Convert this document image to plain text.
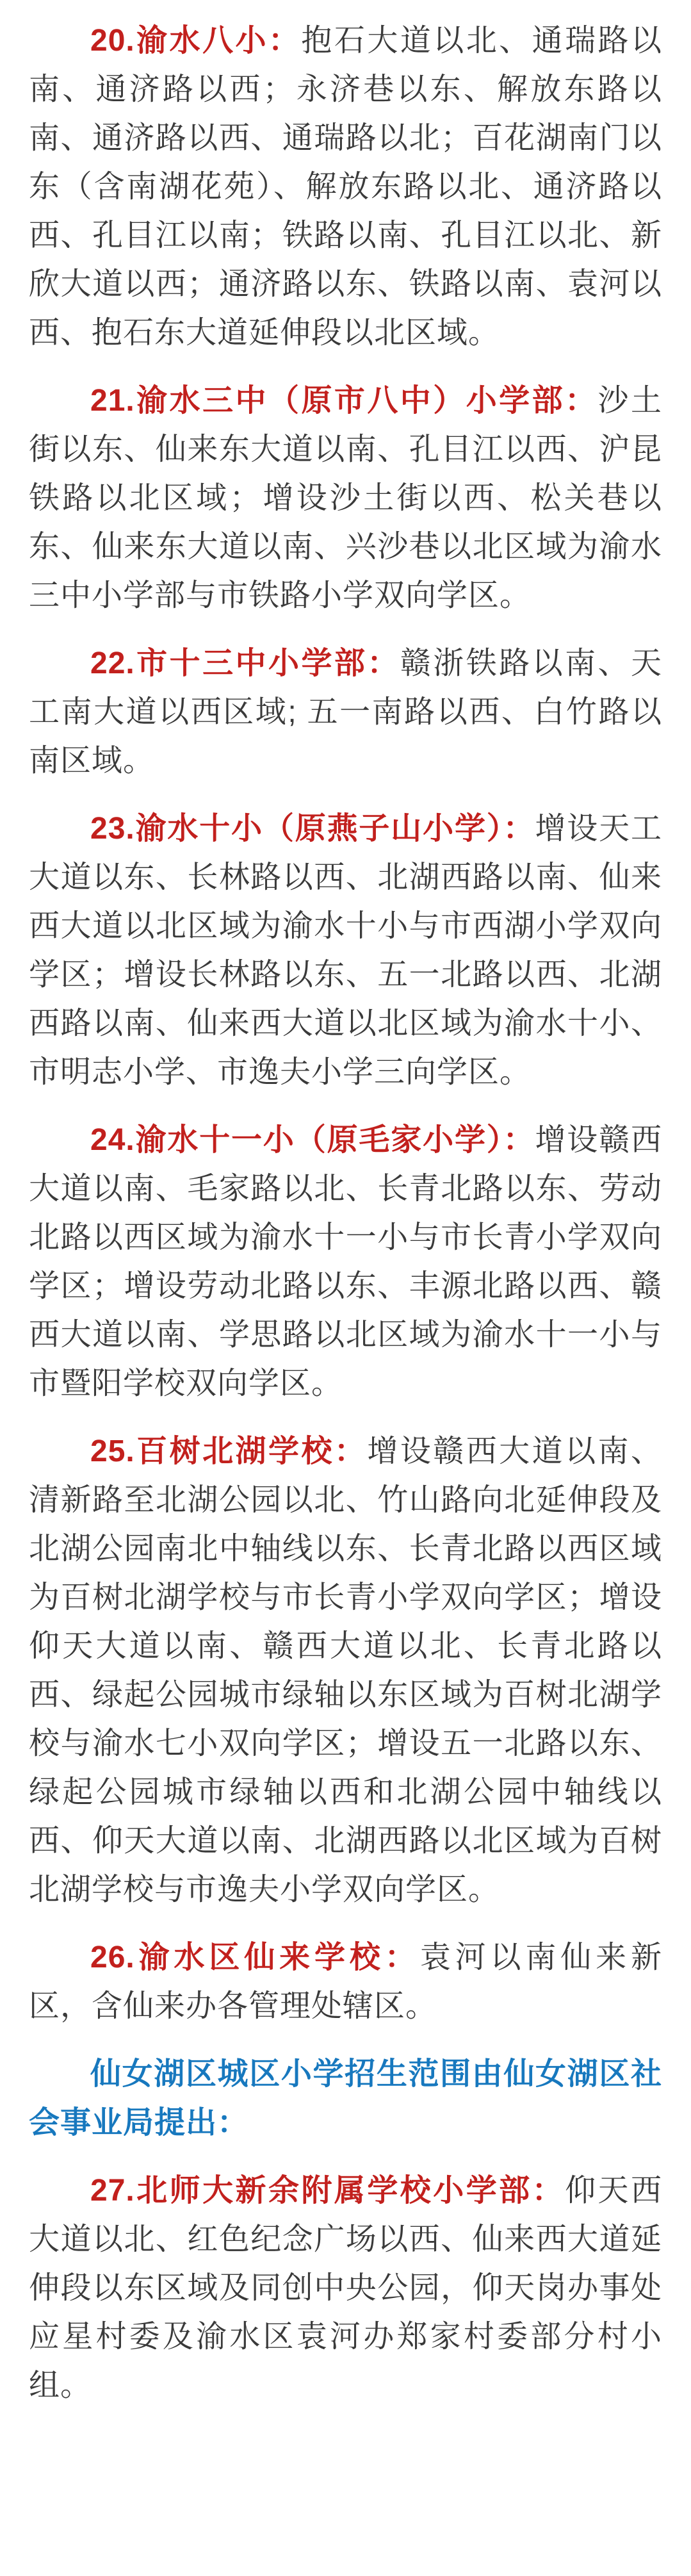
20.渝水八小：抱石大道以北、通瑞路以南、通济路以西；永济巷以东、解放东路以南、通济路以西、通瑞路以北；百花湖南门以东（含南湖花苑）、解放东路以北、通济路以西、孔目江以南；铁路以南、孔目江以北、新欣大道以西；通济路以东、铁路以南、袁河以西、抱石东大道延伸段以北区域。

21.渝水三中（原市八中）小学部：沙土街以东、仙来东大道以南、孔目江以西、沪昆铁路以北区域；增设沙土街以西、松关巷以东、仙来东大道以南、兴沙巷以北区域为渝水三中小学部与市铁路小学双向学区。

22.市十三中小学部：赣浙铁路以南、天工南大道以西区域; 五一南路以西、白竹路以南区域。

23.渝水十小（原燕子山小学）：增设天工大道以东、长林路以西、北湖西路以南、仙来西大道以北区域为渝水十小与市西湖小学双向学区；增设长林路以东、五一北路以西、北湖西路以南、仙来西大道以北区域为渝水十小、市明志小学、市逸夫小学三向学区。

24.渝水十一小（原毛家小学）：增设赣西大道以南、毛家路以北、长青北路以东、劳动北路以西区域为渝水十一小与市长青小学双向学区；增设劳动北路以东、丰源北路以西、赣西大道以南、学思路以北区域为渝水十一小与市暨阳学校双向学区。

25.百树北湖学校：增设赣西大道以南、清新路至北湖公园以北、竹山路向北延伸段及北湖公园南北中轴线以东、长青北路以西区域为百树北湖学校与市长青小学双向学区；增设仰天大道以南、赣西大道以北、长青北路以西、绿起公园城市绿轴以东区域为百树北湖学校与渝水七小双向学区；增设五一北路以东、绿起公园城市绿轴以西和北湖公园中轴线以西、仰天大道以南、北湖西路以北区域为百树北湖学校与市逸夫小学双向学区。

26.渝水区仙来学校：袁河以南仙来新区，含仙来办各管理处辖区。

仙女湖区城区小学招生范围由仙女湖区社会事业局提出：

27.北师大新余附属学校小学部：仰天西大道以北、红色纪念广场以西、仙来西大道延伸段以东区域及同创中央公园，仰天岗办事处应星村委及渝水区袁河办郑家村委部分村小组。
